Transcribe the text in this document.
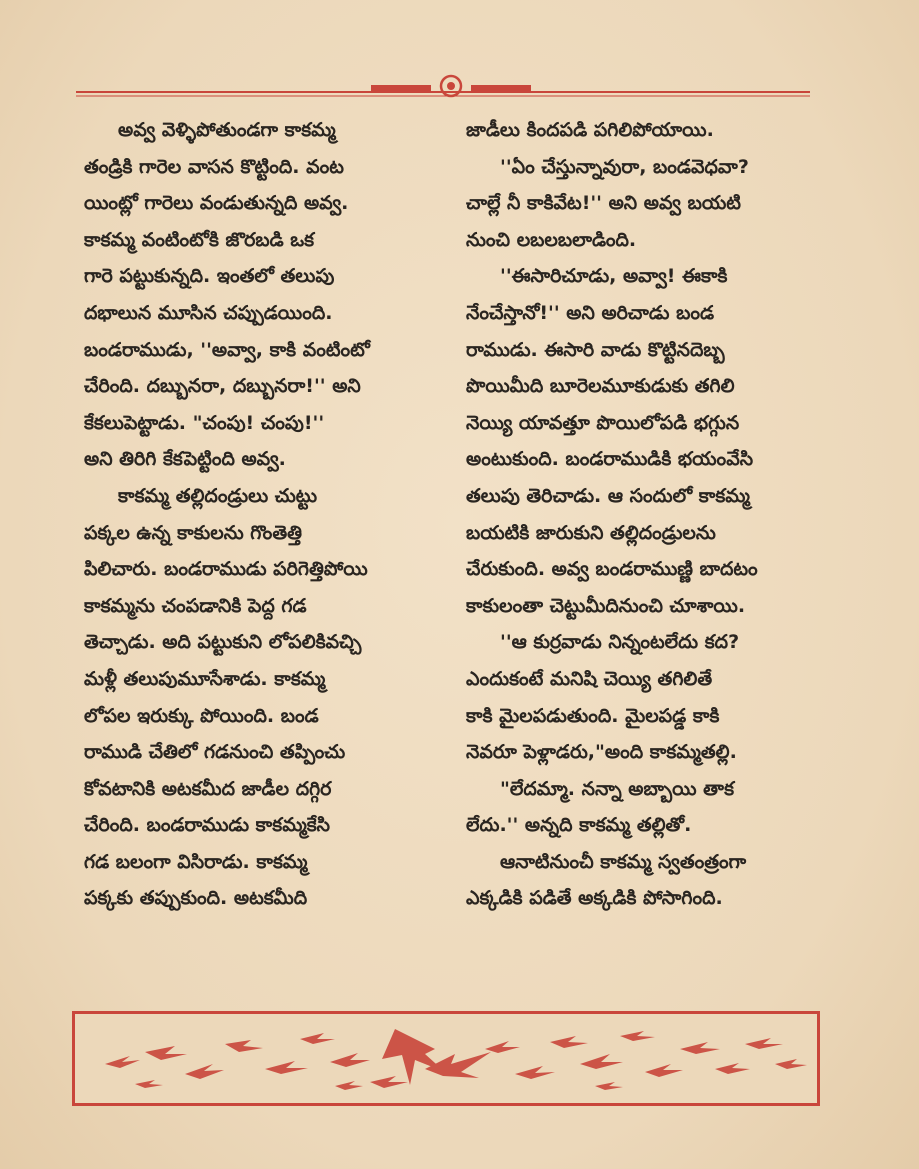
అవ్వ వెళ్ళిపోతుండగా కాకమ్మ
తండ్రికి గారెల వాసన కొట్టింది. వంట
యింట్లో గారెలు వండుతున్నది అవ్వ.
కాకమ్మ వంటింటోకి జొరబడి ఒక
గారె పట్టుకున్నది. ఇంతలో తలుపు
దభాలున మూసిన చప్పుడయింది.
బండరాముడు, ''అవ్వా, కాకి వంటింటో
చేరింది. దబ్బునరా, దబ్బునరా!'' అని
కేకలుపెట్టాడు. "చంపు! చంపు!''
అని తిరిగి కేకపెట్టింది అవ్వ.
కాకమ్మ తల్లిదండ్రులు చుట్టు
పక్కల ఉన్న కాకులను గొంతెత్తి
పిలిచారు. బండరాముడు పరిగెత్తిపోయి
కాకమ్మను చంపడానికి పెద్ద గడ
తెచ్చాడు. అది పట్టుకుని లోపలికివచ్చి
మళ్లీ తలుపుమూసేశాడు. కాకమ్మ
లోపల ఇరుక్కు పోయింది. బండ
రాముడి చేతిలో గడనుంచి తప్పించు
కోవటానికి అటకమీద జాడీల దగ్గిర
చేరింది. బండరాముడు కాకమ్మకేసి
గడ బలంగా విసిరాడు. కాకమ్మ
పక్కకు తప్పుకుంది. అటకమీది
జాడీలు కిందపడి పగిలిపోయాయి.
''ఏం చేస్తున్నావురా, బండవెధవా?
చాల్లే నీ కాకివేట!'' అని అవ్వ బయటి
నుంచి లబలబలాడింది.
''ఈసారిచూడు, అవ్వా! ఈకాకి
నేంచేస్తానో!'' అని అరిచాడు బండ
రాముడు. ఈసారి వాడు కొట్టినదెబ్బ
పొయిమీది బూరెలమూకుడుకు తగిలి
నెయ్యి యావత్తూ పొయిలోపడి భగ్గున
అంటుకుంది. బండరాముడికి భయంవేసి
తలుపు తెరిచాడు. ఆ సందులో కాకమ్మ
బయటికి జారుకుని తల్లిదండ్రులను
చేరుకుంది. అవ్వ బండరాముణ్ణి బాదటం
కాకులంతా చెట్టుమీదినుంచి చూశాయి.
''ఆ కుర్రవాడు నిన్నంటలేదు కద?
ఎందుకంటే మనిషి చెయ్యి తగిలితే
కాకి మైలపడుతుంది. మైలపడ్డ కాకి
నెవరూ పెళ్లాడరు,"అంది కాకమ్మతల్లి.
"లేదమ్మా. నన్నా అబ్బాయి తాక
లేదు.'' అన్నది కాకమ్మ తల్లితో.
ఆనాటినుంచీ కాకమ్మ స్వతంత్రంగా
ఎక్కడికి పడితే అక్కడికి పోసాగింది.
